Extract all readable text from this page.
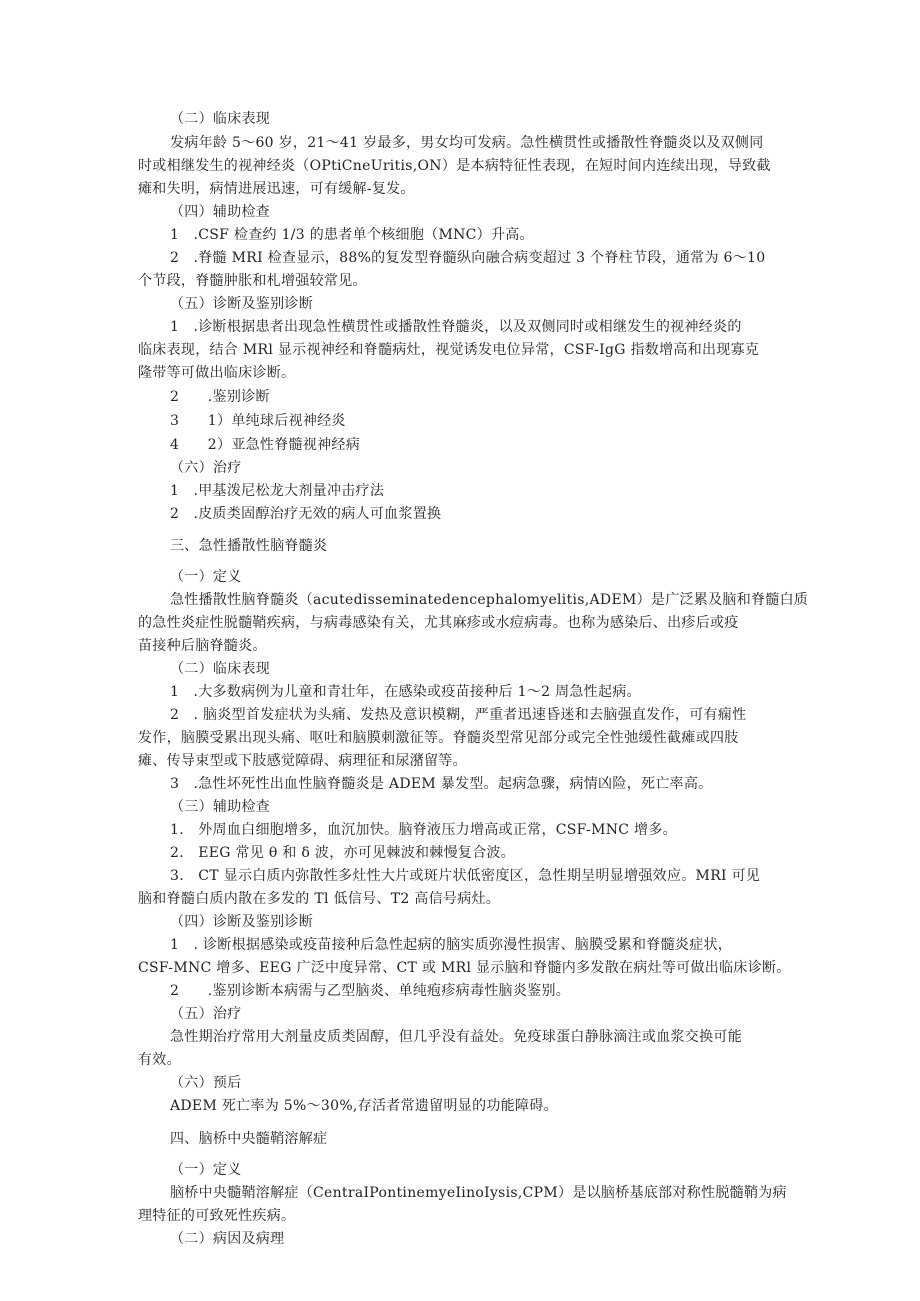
（二）临床表现

发病年龄 5～60 岁，21～41 岁最多，男女均可发病。急性横贯性或播散性脊髓炎以及双侧同

时或相继发生的视神经炎（OPtiCneUritis,ON）是本病特征性表现，在短时间内连续出现，导致截

瘫和失明，病情进展迅速，可有缓解-复发。

（四）辅助检查

1　.CSF 检查约 1/3 的患者单个核细胞（MNC）升高。

2　.脊髓 MRI 检查显示，88%的复发型脊髓纵向融合病变超过 3 个脊柱节段，通常为 6～10

个节段，脊髓肿胀和札增强较常见。

（五）诊断及鉴别诊断

1　.诊断根据患者出现急性横贯性或播散性脊髓炎，以及双侧同时或相继发生的视神经炎的

临床表现，结合 MRl 显示视神经和脊髓病灶，视觉诱发电位异常，CSF-IgG 指数增高和出现寡克

隆带等可做出临床诊断。

2　　.鉴别诊断

3　　1）单纯球后视神经炎

4　　2）亚急性脊髓视神经病

（六）治疗

1　.甲基泼尼松龙大剂量冲击疗法

2　.皮质类固醇治疗无效的病人可血浆置换

三、急性播散性脑脊髓炎

（一）定义

急性播散性脑脊髓炎（acutedisseminatedencephalomyelitis,ADEM）是广泛累及脑和脊髓白质

的急性炎症性脱髓鞘疾病，与病毒感染有关，尤其麻疹或水痘病毒。也称为感染后、出疹后或疫

苗接种后脑脊髓炎。

（二）临床表现

1　.大多数病例为儿童和青壮年，在感染或疫苗接种后 1～2 周急性起病。

2　. 脑炎型首发症状为头痛、发热及意识模糊，严重者迅速昏迷和去脑强直发作，可有痫性

发作，脑膜受累出现头痛、呕吐和脑膜刺激征等。脊髓炎型常见部分或完全性弛缓性截瘫或四肢

瘫、传导束型或下肢感觉障碍、病理征和尿潴留等。

3　.急性坏死性出血性脑脊髓炎是 ADEM 暴发型。起病急骤，病情凶险，死亡率高。

（三）辅助检查

1.　外周血白细胞增多，血沉加快。脑脊液压力增高或正常，CSF-MNC 增多。

2.　EEG 常见 θ 和 δ 波，亦可见棘波和棘慢复合波。

3.　CT 显示白质内弥散性多灶性大片或斑片状低密度区，急性期呈明显增强效应。MRI 可见

脑和脊髓白质内散在多发的 Tl 低信号、T2 高信号病灶。

（四）诊断及鉴别诊断

1　. 诊断根据感染或疫苗接种后急性起病的脑实质弥漫性损害、脑膜受累和脊髓炎症状，

CSF-MNC 增多、EEG 广泛中度异常、CT 或 MRl 显示脑和脊髓内多发散在病灶等可做出临床诊断。

2　　.鉴别诊断本病需与乙型脑炎、单纯疱疹病毒性脑炎鉴别。

（五）治疗

急性期治疗常用大剂量皮质类固醇，但几乎没有益处。免疫球蛋白静脉滴注或血浆交换可能

有效。

（六）预后

ADEM 死亡率为 5%～30%,存活者常遗留明显的功能障碍。

四、脑桥中央髓鞘溶解症

（一）定义

脑桥中央髓鞘溶解症（CentraIPontinemyeIinoIysis,CPM）是以脑桥基底部对称性脱髓鞘为病

理特征的可致死性疾病。

（二）病因及病理
